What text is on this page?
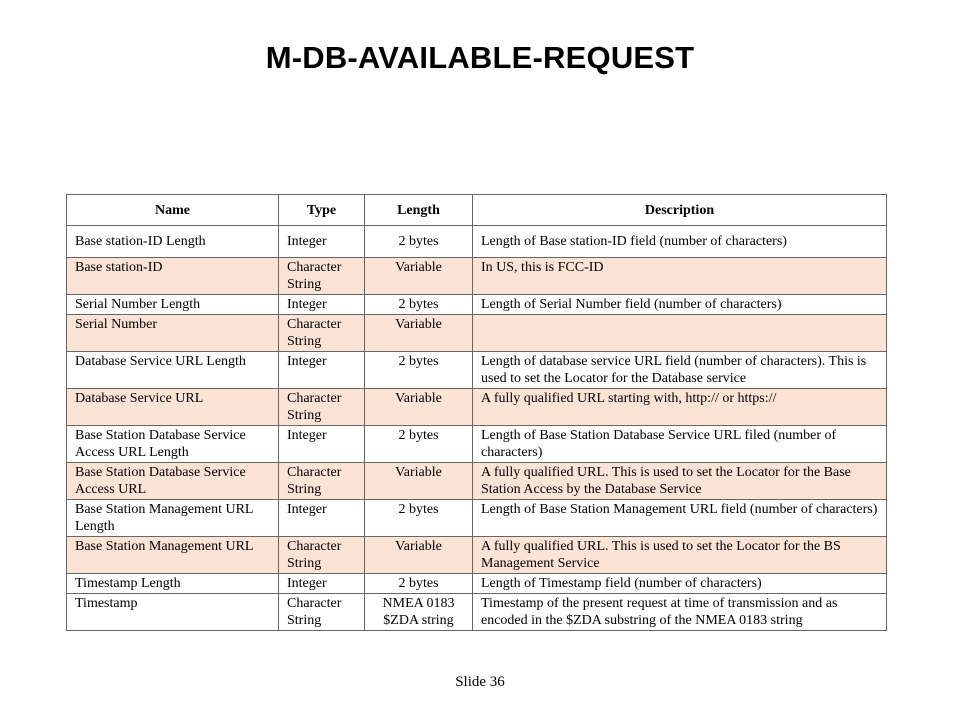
M-DB-AVAILABLE-REQUEST
Name	Type	Length	Description
Base station-ID Length	Integer	2 bytes	Length of Base station-ID field (number of characters)
Base station-ID	Character String	Variable	In US, this is FCC-ID
Serial Number Length	Integer	2 bytes	Length of Serial Number field (number of characters)
Serial Number	Character String	Variable	
Database Service URL Length	Integer	2 bytes	Length of database service URL field (number of characters). This is used to set the Locator for the Database service
Database Service URL	Character String	Variable	A fully qualified URL starting with, http:// or https://
Base Station Database Service Access URL Length	Integer	2 bytes	Length of Base Station Database Service URL filed (number of characters)
Base Station Database Service Access URL	Character String	Variable	A fully qualified URL. This is used to set the Locator for the Base Station Access by the Database Service
Base Station Management URL Length	Integer	2 bytes	Length of Base Station Management URL field (number of characters)
Base Station Management URL	Character String	Variable	A fully qualified URL. This is used to set the Locator for the BS Management Service
Timestamp Length	Integer	2 bytes	Length of Timestamp field (number of characters)
Timestamp	Character String	NMEA 0183 $ZDA string	Timestamp of the present request at time of transmission and as encoded in the $ZDA substring of the NMEA 0183 string
Slide 36
